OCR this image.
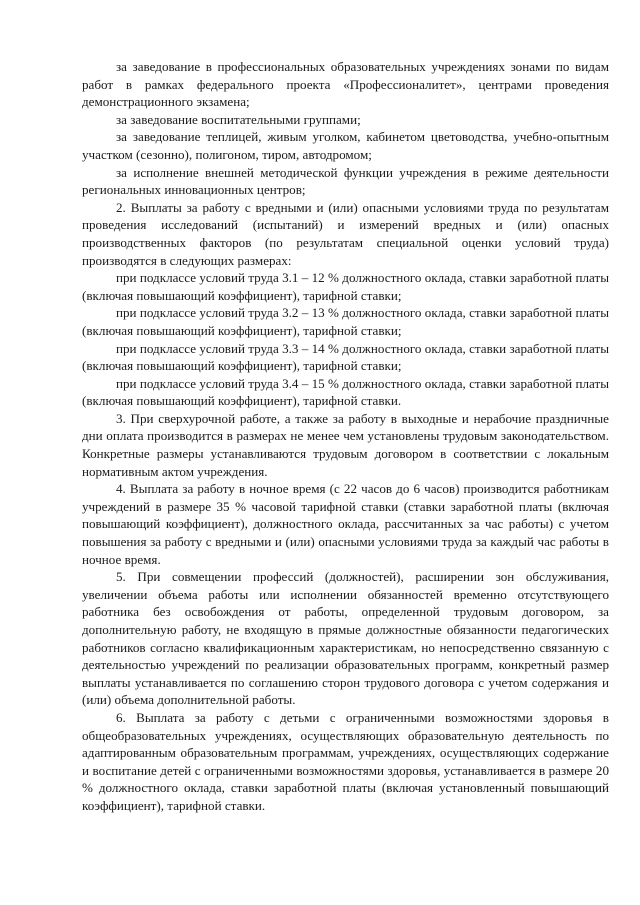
за заведование в профессиональных образовательных учреждениях зонами по видам работ в рамках федерального проекта «Профессионалитет», центрами проведения демонстрационного экзамена;

за заведование воспитательными группами;

за заведование теплицей, живым уголком, кабинетом цветоводства, учебно-опытным участком (сезонно), полигоном, тиром, автодромом;

за исполнение внешней методической функции учреждения в режиме деятельности региональных инновационных центров;

2. Выплаты за работу с вредными и (или) опасными условиями труда по результатам проведения исследований (испытаний) и измерений вредных и (или) опасных производственных факторов (по результатам специальной оценки условий труда) производятся в следующих размерах:

при подклассе условий труда 3.1 – 12 % должностного оклада, ставки заработной платы (включая повышающий коэффициент), тарифной ставки;

при подклассе условий труда 3.2 – 13 % должностного оклада, ставки заработной платы (включая повышающий коэффициент), тарифной ставки;

при подклассе условий труда 3.3 – 14 % должностного оклада, ставки заработной платы (включая повышающий коэффициент), тарифной ставки;

при подклассе условий труда 3.4 – 15 % должностного оклада, ставки заработной платы (включая повышающий коэффициент), тарифной ставки.

3. При сверхурочной работе, а также за работу в выходные и нерабочие праздничные дни оплата производится в размерах не менее чем установлены трудовым законодательством. Конкретные размеры устанавливаются трудовым договором в соответствии с локальным нормативным актом учреждения.

4. Выплата за работу в ночное время (с 22 часов до 6 часов) производится работникам учреждений в размере 35 % часовой тарифной ставки (ставки заработной платы (включая повышающий коэффициент), должностного оклада, рассчитанных за час работы) с учетом повышения за работу с вредными и (или) опасными условиями труда за каждый час работы в ночное время.

5. При совмещении профессий (должностей), расширении зон обслуживания, увеличении объема работы или исполнении обязанностей временно отсутствующего работника без освобождения от работы, определенной трудовым договором, за дополнительную работу, не входящую в прямые должностные обязанности педагогических работников согласно квалификационным характеристикам, но непосредственно связанную с деятельностью учреждений по реализации образовательных программ, конкретный размер выплаты устанавливается по соглашению сторон трудового договора с учетом содержания и (или) объема дополнительной работы.

6. Выплата за работу с детьми с ограниченными возможностями здоровья в общеобразовательных учреждениях, осуществляющих образовательную деятельность по адаптированным образовательным программам, учреждениях, осуществляющих содержание и воспитание детей с ограниченными возможностями здоровья, устанавливается в размере 20 % должностного оклада, ставки заработной платы (включая установленный повышающий коэффициент), тарифной ставки.
